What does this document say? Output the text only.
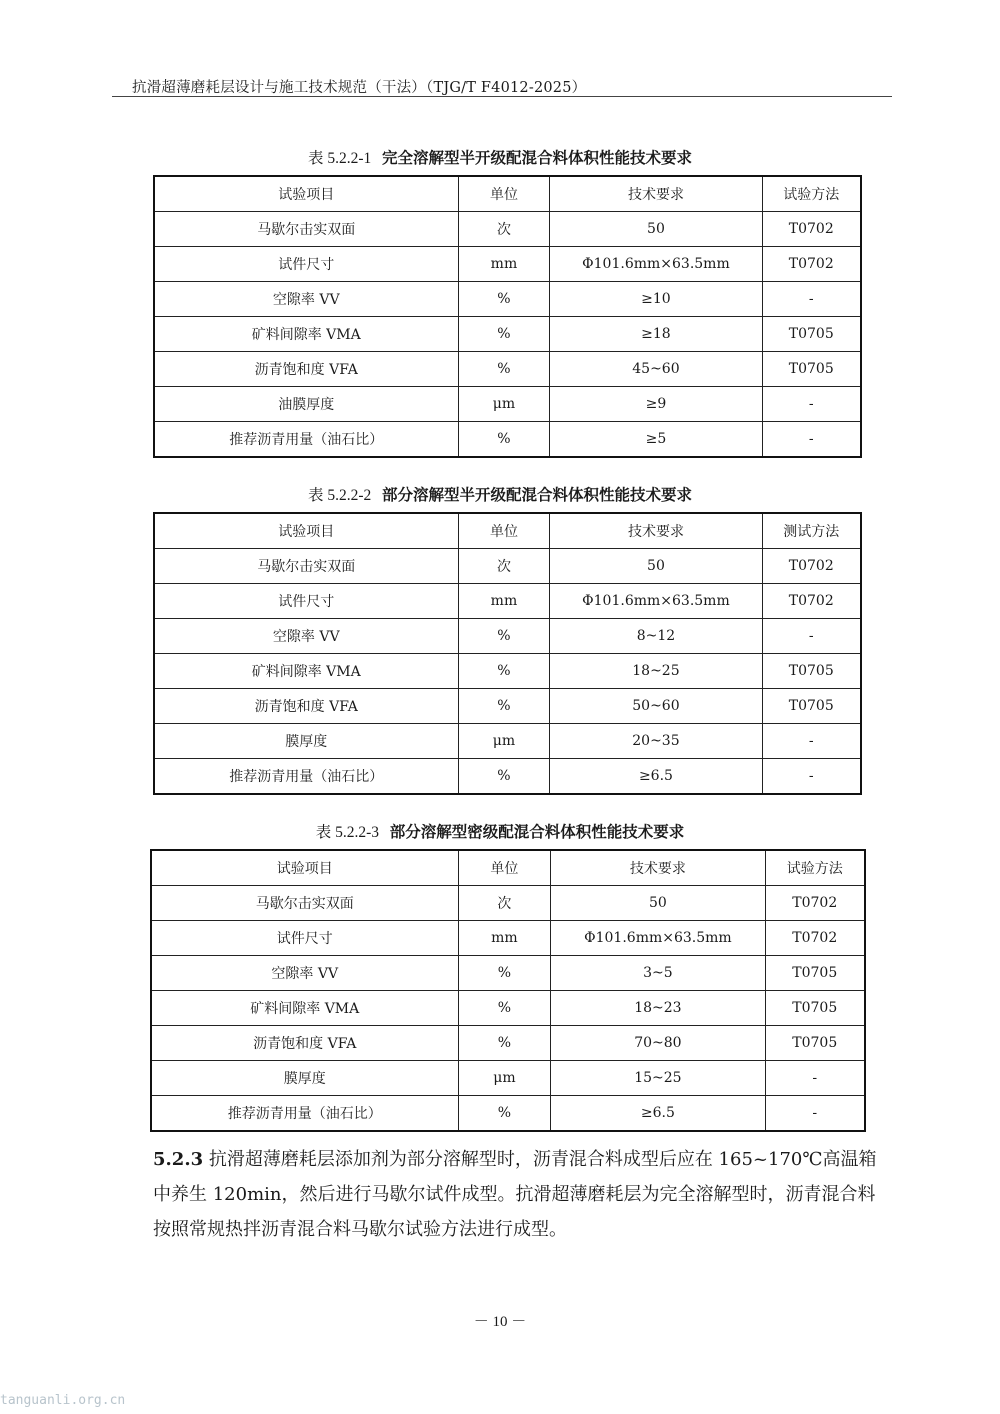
抗滑超薄磨耗层设计与施工技术规范（干法）（TJG/T F4012-2025）
表 5.2.2-1 完全溶解型半开级配混合料体积性能技术要求
试验项目	单位	技术要求	试验方法
马歇尔击实双面	次	50	T0702
试件尺寸	mm	Φ101.6mm×63.5mm	T0702
空隙率 VV	%	≥10	-
矿料间隙率 VMA	%	≥18	T0705
沥青饱和度 VFA	%	45~60	T0705
油膜厚度	μm	≥9	-
推荐沥青用量（油石比）	%	≥5	-
表 5.2.2-2 部分溶解型半开级配混合料体积性能技术要求
试验项目	单位	技术要求	测试方法
马歇尔击实双面	次	50	T0702
试件尺寸	mm	Φ101.6mm×63.5mm	T0702
空隙率 VV	%	8~12	-
矿料间隙率 VMA	%	18~25	T0705
沥青饱和度 VFA	%	50~60	T0705
膜厚度	μm	20~35	-
推荐沥青用量（油石比）	%	≥6.5	-
表 5.2.2-3 部分溶解型密级配混合料体积性能技术要求
试验项目	单位	技术要求	试验方法
马歇尔击实双面	次	50	T0702
试件尺寸	mm	Φ101.6mm×63.5mm	T0702
空隙率 VV	%	3~5	T0705
矿料间隙率 VMA	%	18~23	T0705
沥青饱和度 VFA	%	70~80	T0705
膜厚度	μm	15~25	-
推荐沥青用量（油石比）	%	≥6.5	-
5.2.3 抗滑超薄磨耗层添加剂为部分溶解型时，沥青混合料成型后应在 165~170℃高温箱中养生 120min，然后进行马歇尔试件成型。抗滑超薄磨耗层为完全溶解型时，沥青混合料按照常规热拌沥青混合料马歇尔试验方法进行成型。
－ 10 －
tanguanli.org.cn
